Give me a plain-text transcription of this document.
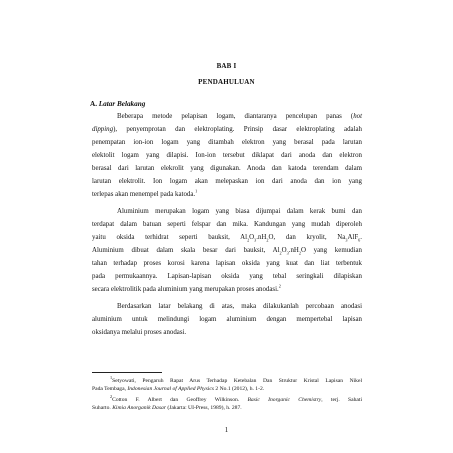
BAB I
PENDAHULUAN
A. Latar Belakang
Beberapa metode pelapisan logam, diantaranya pencelupan panas (hot
dipping), penyemprotan dan elektroplating. Prinsip dasar elektroplating adalah
penempatan ion-ion logam yang ditambah elektron yang berasal pada larutan
elektolit logam yang dilapisi. Ion-ion tersebut diklapat dari anoda dan elektron
berasal dari larutan elekrolit yang digunakan. Anoda dan katoda terendam dalam
larutan elektrolit. Ion logam akan melepaskan ion dari anoda dan ion yang
terlepas akan menempel pada katoda.$^1$
Aluminium merupakan logam yang biasa dijumpai dalam kerak bumi dan
terdapat dalam batuan seperti felspar dan mika. Kandungan yang mudah diperoleh
yaitu oksida terhidrat seperti bauksit, $Al_2O_3.nH_2O$, dan kryolit, $Na_3AlF_6$.
Aluminium dibuat dalam skala besar dari bauksit, $Al_2O_3.nH_2O$ yang kemudian
tahan terhadap proses korosi karena lapisan oksida yang kuat dan liat terbentuk
pada permukaannya. Lapisan-lapisan oksida yang tebal seringkali dilapiskan
secara elektrolitik pada aluminium yang merupakan proses anodasi.$^2$
Berdasarkan latar belakang di atas, maka dilakukanlah percobaan anodasi
aluminium untuk melindungi logam aluminium dengan mempertebal lapisan
oksidanya melalui proses anodasi.
$^1$Setyowati, Pengaruh Rapat Arus Terhadap Ketebalan Dan Struktur Kristal Lapisan Nikel
Pada Tembaga, Indonesian Journal of Applied Physics 2 No.1 (2012), h. 1-2.
$^2$Cotton F. Albert dan Geoffrey Wilkinson. Basic Inorganic Chemistry, terj. Sahati
Suharto. Kimia Anorganik Dasar (Jakarta: UI-Press, 1989), h. 287.
1
